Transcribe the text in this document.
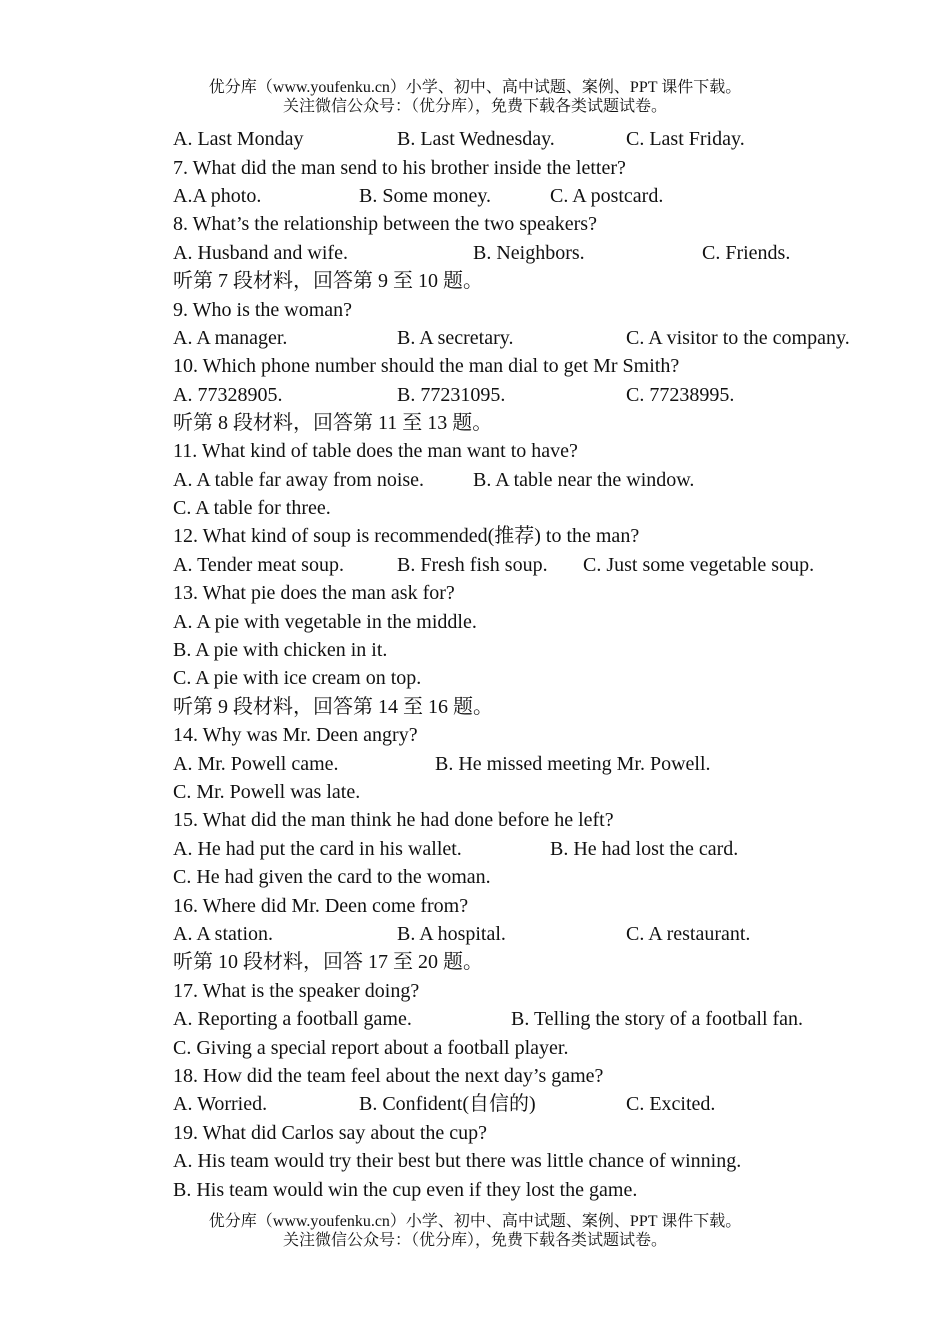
优分库（www.youfenku.cn）小学、初中、高中试题、案例、PPT 课件下载。
关注微信公众号：（优分库），免费下载各类试题试卷。
A. Last Monday	B. Last Wednesday.	C. Last Friday.
7. What did the man send to his brother inside the letter?
A.A photo.	B. Some money.	C. A postcard.
8. What’s the relationship between the two speakers?
A. Husband and wife.	B. Neighbors.	C. Friends.
听第 7 段材料，回答第 9 至 10 题。
9. Who is the woman?
A. A manager.	B. A secretary.	C. A visitor to the company.
10. Which phone number should the man dial to get Mr Smith?
A. 77328905.	B. 77231095.	C. 77238995.
听第 8 段材料，回答第 11 至 13 题。
11. What kind of table does the man want to have?
A. A table far away from noise. B. A table near the window.
C. A table for three.
12. What kind of soup is recommended(推荐) to the man?
A. Tender meat soup.	B. Fresh fish soup. C. Just some vegetable soup.
13. What pie does the man ask for?
A. A pie with vegetable in the middle.
B. A pie with chicken in it.
C. A pie with ice cream on top.
听第 9 段材料，回答第 14 至 16 题。
14. Why was Mr. Deen angry?
A. Mr. Powell came.	B. He missed meeting Mr. Powell.
C. Mr. Powell was late.
15. What did the man think he had done before he left?
A. He had put the card in his wallet.	B. He had lost the card.
C. He had given the card to the woman.
16. Where did Mr. Deen come from?
A. A station.	B. A hospital.	C. A restaurant.
听第 10 段材料，回答 17 至 20 题。
17. What is the speaker doing?
A. Reporting a football game.	B. Telling the story of a football fan.
C. Giving a special report about a football player.
18. How did the team feel about the next day’s game?
A. Worried.	B. Confident(自信的)	C. Excited.
19. What did Carlos say about the cup?
A. His team would try their best but there was little chance of winning.
B. His team would win the cup even if they lost the game.
优分库（www.youfenku.cn）小学、初中、高中试题、案例、PPT 课件下载。
关注微信公众号：（优分库），免费下载各类试题试卷。
